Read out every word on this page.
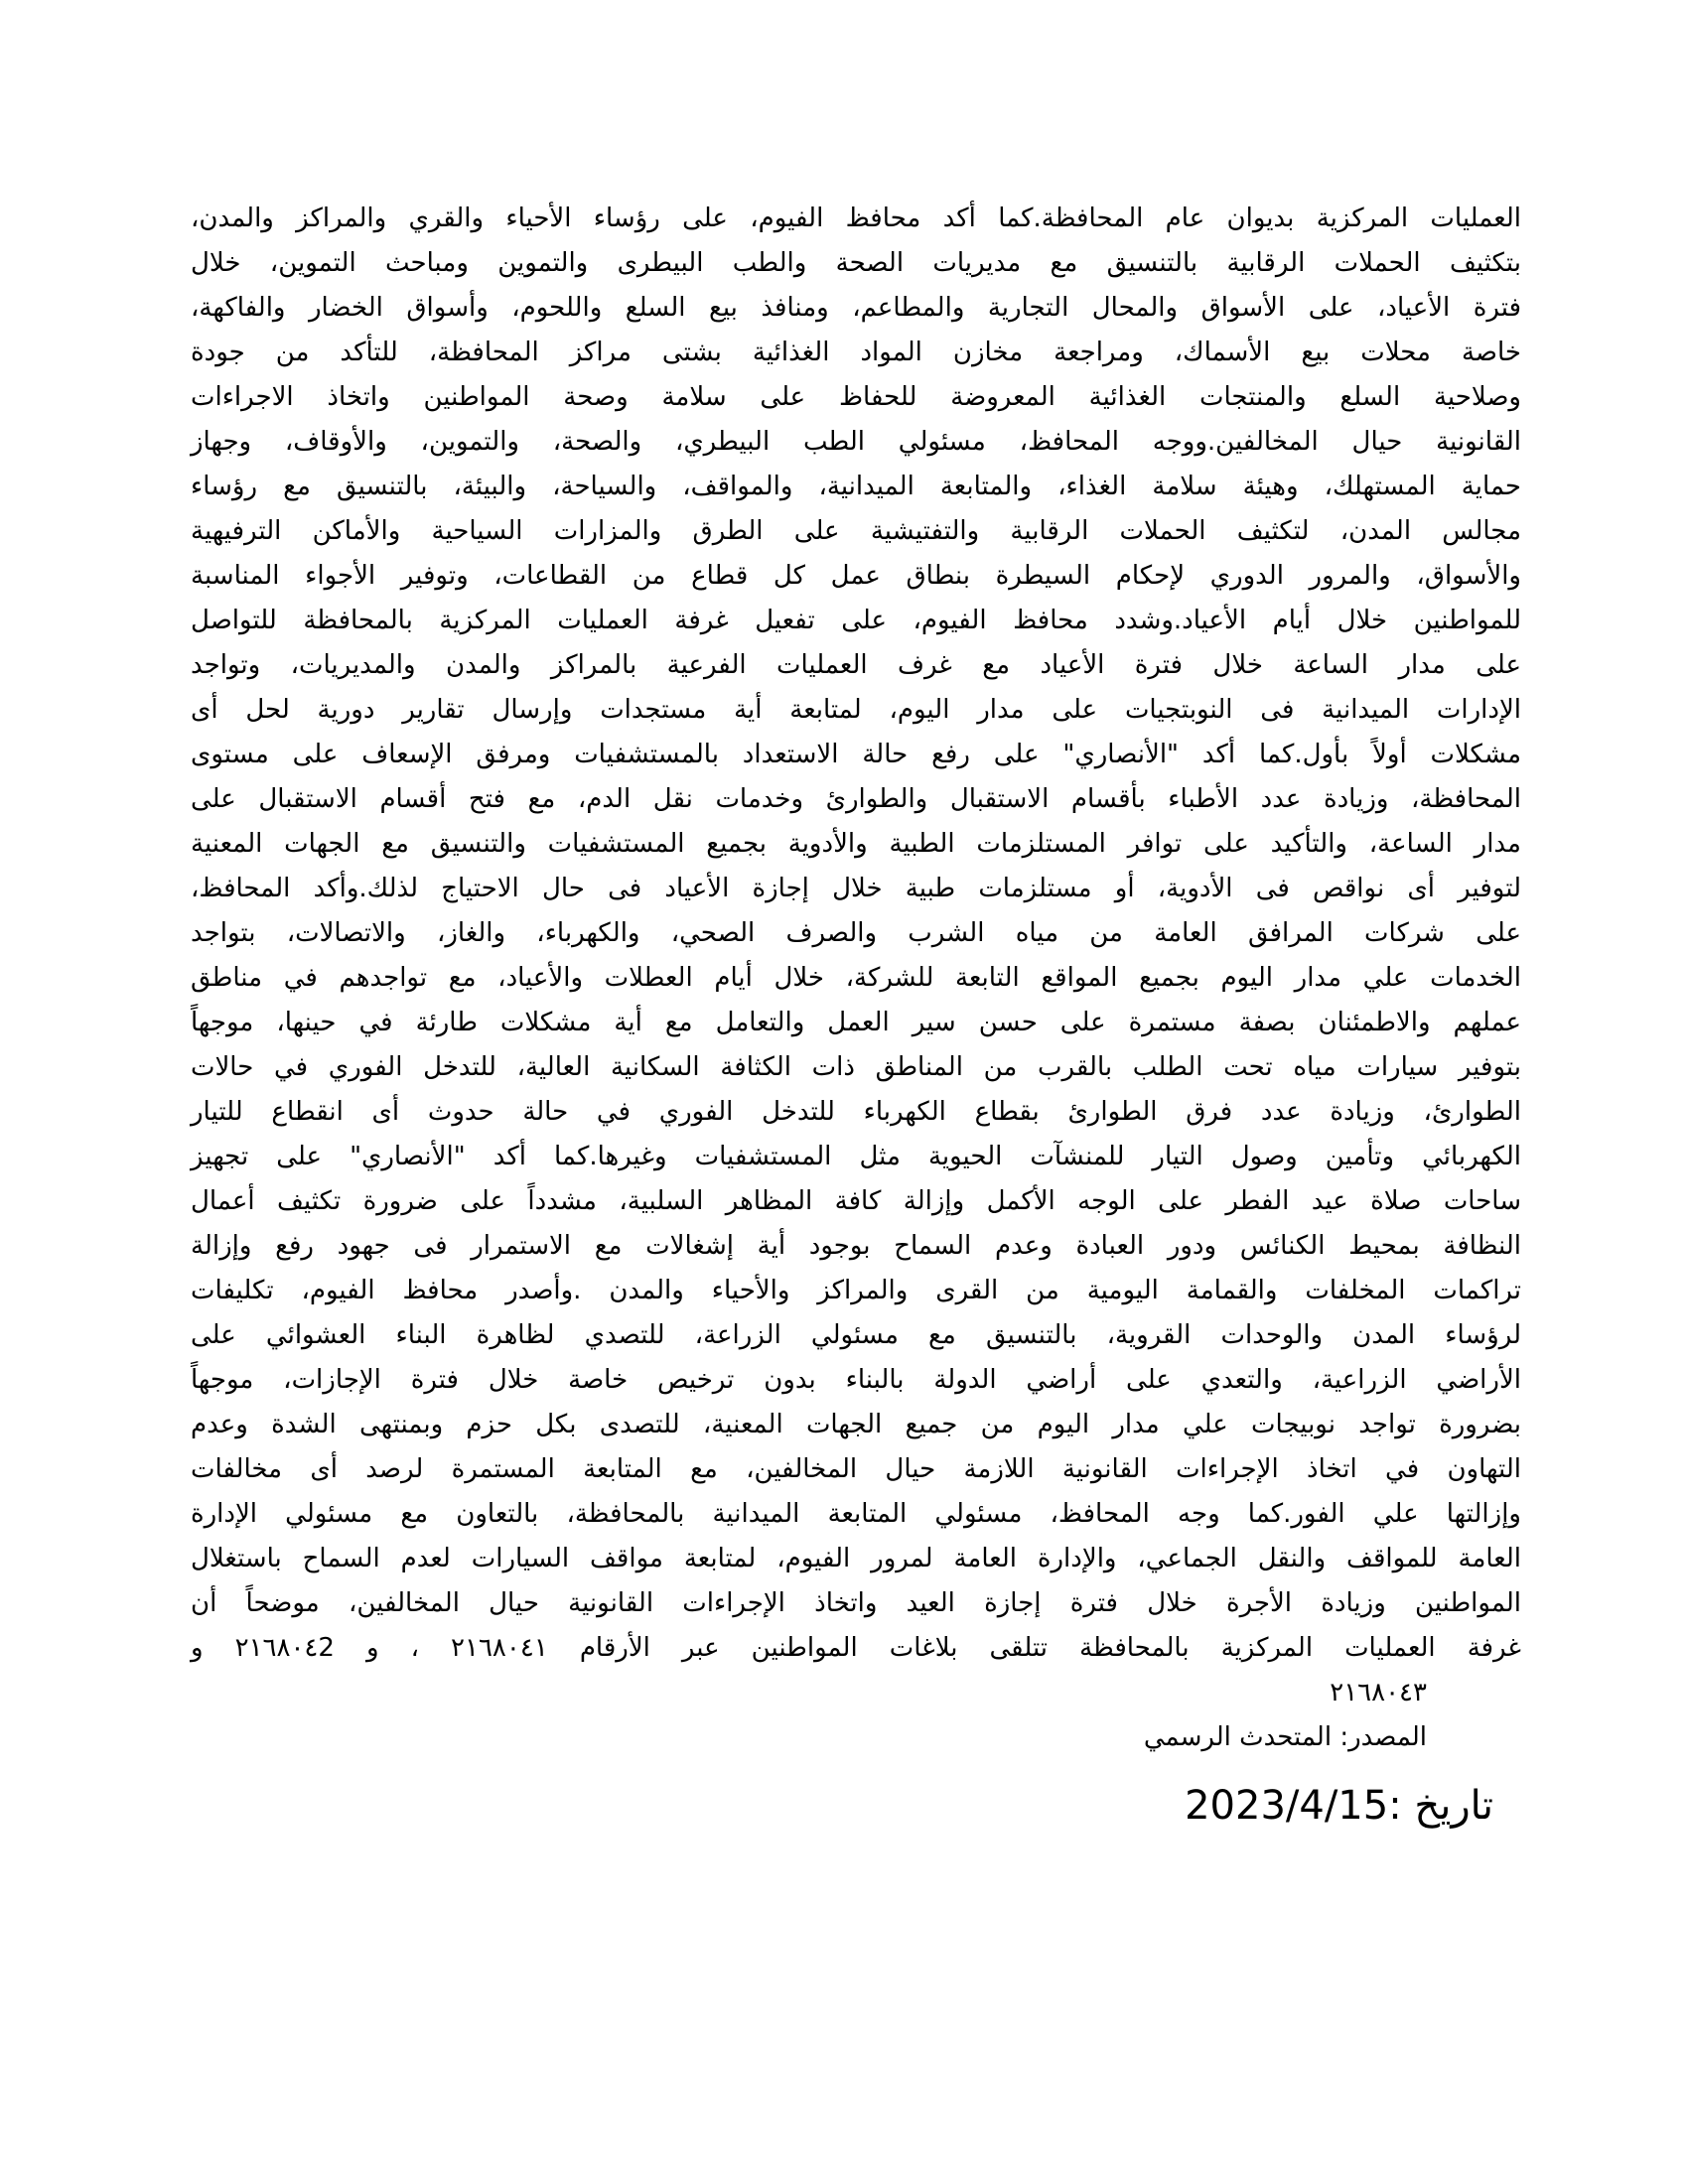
العمليات المركزية بديوان عام المحافظة.كما أكد محافظ الفيوم، على رؤساء الأحياء والقري والمراكز والمدن،
بتكثيف الحملات الرقابية بالتنسيق مع مديريات الصحة والطب البيطرى والتموين ومباحث التموين، خلال
فترة الأعياد، على الأسواق والمحال التجارية والمطاعم، ومنافذ بيع السلع واللحوم، وأسواق الخضار والفاكهة،
خاصة محلات بيع الأسماك، ومراجعة مخازن المواد الغذائية بشتى مراكز المحافظة، للتأكد من جودة
وصلاحية السلع والمنتجات الغذائية المعروضة للحفاظ على سلامة وصحة المواطنين واتخاذ الاجراءات
القانونية حيال المخالفين.ووجه المحافظ، مسئولي الطب البيطري، والصحة، والتموين، والأوقاف، وجهاز
حماية المستهلك، وهيئة سلامة الغذاء، والمتابعة الميدانية، والمواقف، والسياحة، والبيئة، بالتنسيق مع رؤساء
مجالس المدن، لتكثيف الحملات الرقابية والتفتيشية على الطرق والمزارات السياحية والأماكن الترفيهية
والأسواق، والمرور الدوري لإحكام السيطرة بنطاق عمل كل قطاع من القطاعات، وتوفير الأجواء المناسبة
للمواطنين خلال أيام الأعياد.وشدد محافظ الفيوم، على تفعيل غرفة العمليات المركزية بالمحافظة للتواصل
على مدار الساعة خلال فترة الأعياد مع غرف العمليات الفرعية بالمراكز والمدن والمديريات، وتواجد
الإدارات الميدانية فى النوبتجيات على مدار اليوم، لمتابعة أية مستجدات وإرسال تقارير دورية لحل أى
مشكلات أولاً بأول.كما أكد "الأنصاري" على رفع حالة الاستعداد بالمستشفيات ومرفق الإسعاف على مستوى
المحافظة، وزيادة عدد الأطباء بأقسام الاستقبال والطوارئ وخدمات نقل الدم، مع فتح أقسام الاستقبال على
مدار الساعة، والتأكيد على توافر المستلزمات الطبية والأدوية بجميع المستشفيات والتنسيق مع الجهات المعنية
لتوفير أى نواقص فى الأدوية، أو مستلزمات طبية خلال إجازة الأعياد فى حال الاحتياج لذلك.وأكد المحافظ،
على شركات المرافق العامة من مياه الشرب والصرف الصحي، والكهرباء، والغاز، والاتصالات، بتواجد
الخدمات علي مدار اليوم بجميع المواقع التابعة للشركة، خلال أيام العطلات والأعياد، مع تواجدهم في مناطق
عملهم والاطمئنان بصفة مستمرة على حسن سير العمل والتعامل مع أية مشكلات طارئة في حينها، موجهاً
بتوفير سيارات مياه تحت الطلب بالقرب من المناطق ذات الكثافة السكانية العالية، للتدخل الفوري في حالات
الطوارئ، وزيادة عدد فرق الطوارئ بقطاع الكهرباء للتدخل الفوري في حالة حدوث أى انقطاع للتيار
الكهربائي وتأمين وصول التيار للمنشآت الحيوية مثل المستشفيات وغيرها.كما أكد "الأنصاري" على تجهيز
ساحات صلاة عيد الفطر على الوجه الأكمل وإزالة كافة المظاهر السلبية، مشدداً على ضرورة تكثيف أعمال
النظافة بمحيط الكنائس ودور العبادة وعدم السماح بوجود أية إشغالات مع الاستمرار فى جهود رفع وإزالة
تراكمات المخلفات والقمامة اليومية من القرى والمراكز والأحياء والمدن .وأصدر محافظ الفيوم، تكليفات
لرؤساء المدن والوحدات القروية، بالتنسيق مع مسئولي الزراعة، للتصدي لظاهرة البناء العشوائي على
الأراضي الزراعية، والتعدي على أراضي الدولة بالبناء بدون ترخيص خاصة خلال فترة الإجازات، موجهاً
بضرورة تواجد نوبيجات علي مدار اليوم من جميع الجهات المعنية، للتصدى بكل حزم وبمنتهى الشدة وعدم
التهاون في اتخاذ الإجراءات القانونية اللازمة حيال المخالفين، مع المتابعة المستمرة لرصد أى مخالفات
وإزالتها علي الفور.كما وجه المحافظ، مسئولي المتابعة الميدانية بالمحافظة، بالتعاون مع مسئولي الإدارة
العامة للمواقف والنقل الجماعي، والإدارة العامة لمرور الفيوم، لمتابعة مواقف السيارات لعدم السماح باستغلال
المواطنين وزيادة الأجرة خلال فترة إجازة العيد واتخاذ الإجراءات القانونية حيال المخالفين، موضحاً أن
غرفة العمليات المركزية بالمحافظة تتلقى بلاغات المواطنين عبر الأرقام ٢١٦٨٠٤١ ، و ٢١٦٨٠٤2 و
٢١٦٨٠٤٣
المصدر: المتحدث الرسمي
تاريخ :2023/4/15
